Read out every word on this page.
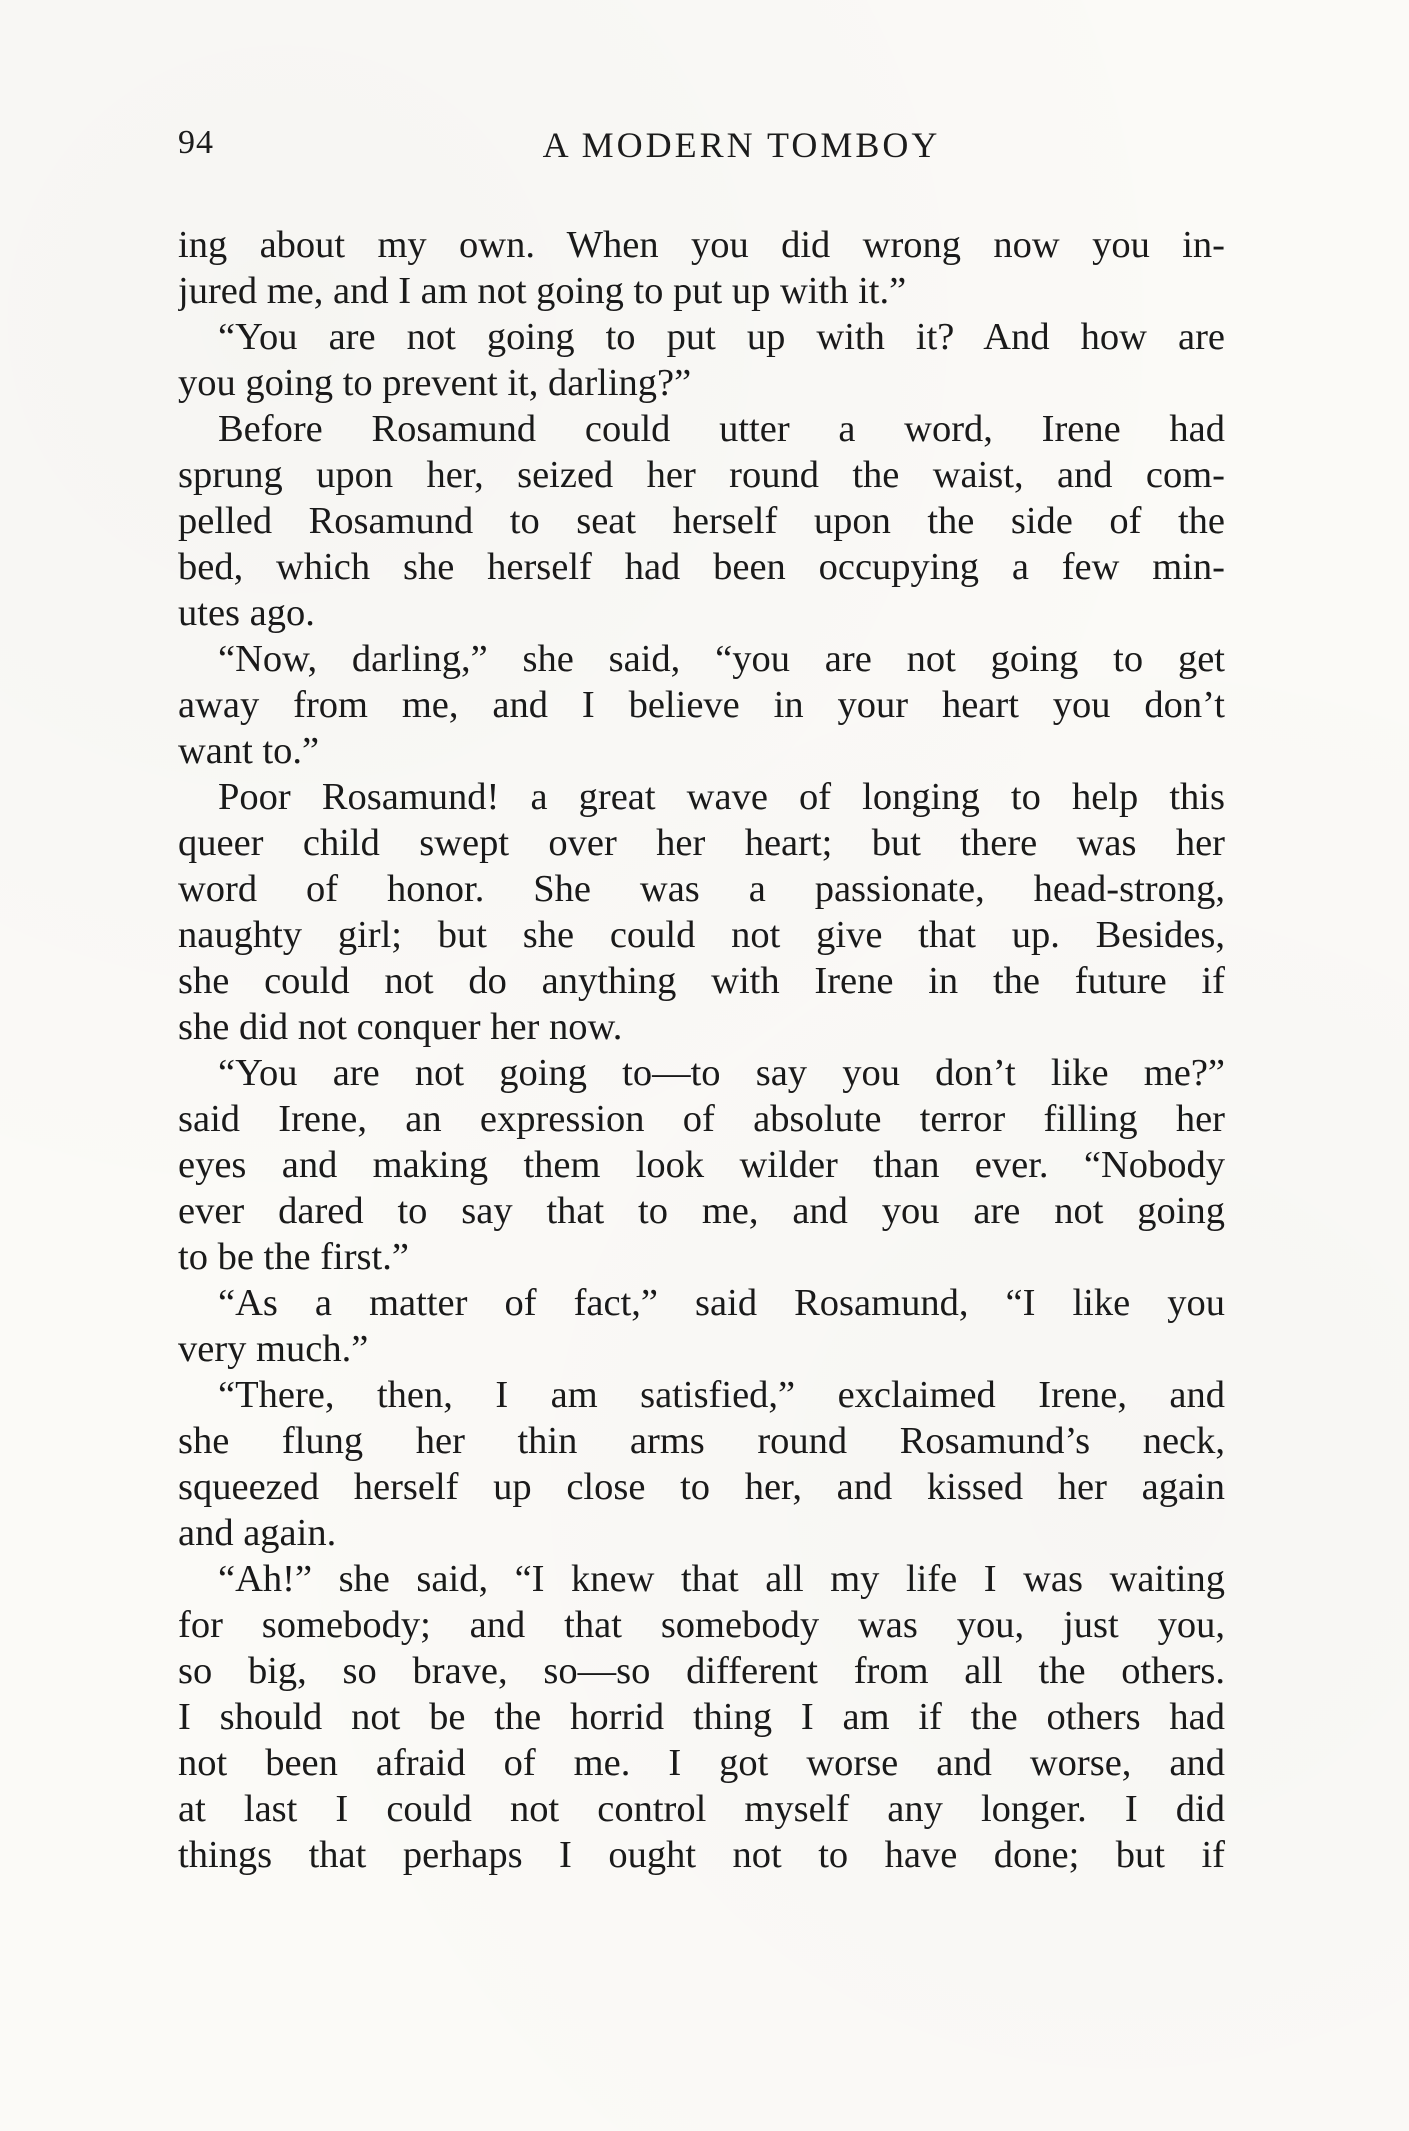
94	A MODERN TOMBOY
ing about my own. When you did wrong now you in-
jured me, and I am not going to put up with it.”
“You are not going to put up with it? And how are
you going to prevent it, darling?”
Before Rosamund could utter a word, Irene had
sprung upon her, seized her round the waist, and com-
pelled Rosamund to seat herself upon the side of the
bed, which she herself had been occupying a few min-
utes ago.
“Now, darling,” she said, “you are not going to get
away from me, and I believe in your heart you don’t
want to.”
Poor Rosamund! a great wave of longing to help this
queer child swept over her heart; but there was her
word of honor. She was a passionate, head-strong,
naughty girl; but she could not give that up. Besides,
she could not do anything with Irene in the future if
she did not conquer her now.
“You are not going to—to say you don’t like me?”
said Irene, an expression of absolute terror filling her
eyes and making them look wilder than ever. “Nobody
ever dared to say that to me, and you are not going
to be the first.”
“As a matter of fact,” said Rosamund, “I like you
very much.”
“There, then, I am satisfied,” exclaimed Irene, and
she flung her thin arms round Rosamund’s neck,
squeezed herself up close to her, and kissed her again
and again.
“Ah!” she said, “I knew that all my life I was waiting
for somebody; and that somebody was you, just you,
so big, so brave, so—so different from all the others.
I should not be the horrid thing I am if the others had
not been afraid of me. I got worse and worse, and
at last I could not control myself any longer. I did
things that perhaps I ought not to have done; but if
